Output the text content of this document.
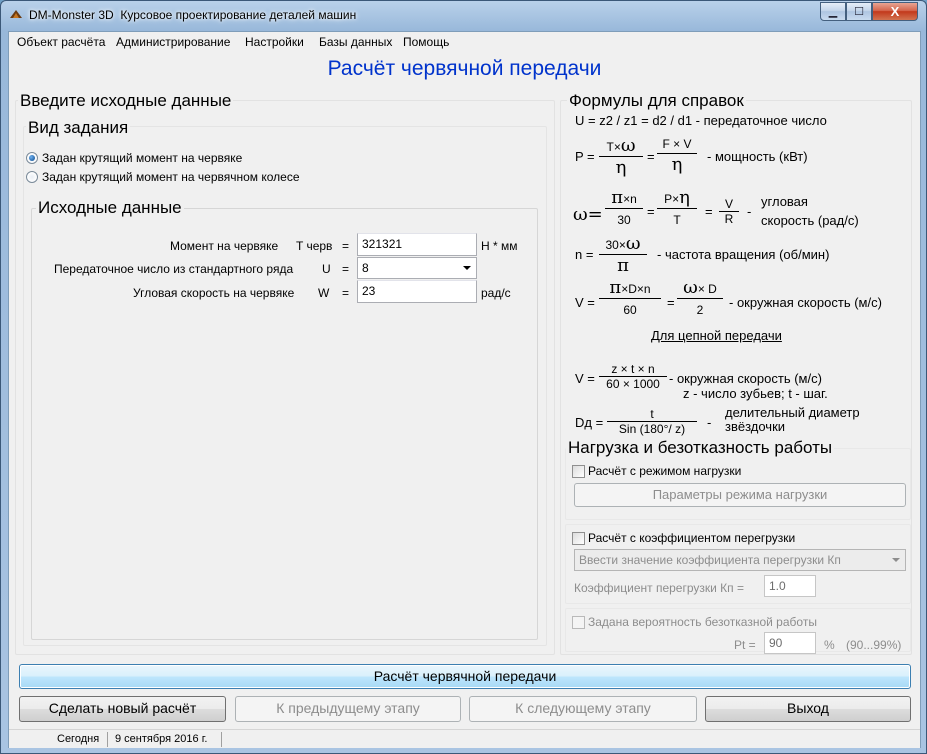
DM-Monster 3D Курсовое проектирование деталей машин	▁ ☐ X
Объект расчёта Администрирование Настройки Базы данных Помощь
Расчёт червячной передачи
Введите исходные данные
Вид задания
Задан крутящий момент на червяке
Задан крутящий момент на червячном колесе
Исходные данные
Момент на червяке T черв =	321321	Н * мм
Передаточное число из стандартного ряда U =	8
Угловая скорость на червяке W =	23	рад/с
Формулы для справок
U = z2 / z1 = d2 / d1 - передаточное число
P =
T×ω
η
=
F × V
η	- мощность (кВт)
$\omega= \frac{\pi\times n}{30} = \frac{P\times\eta}{T} = \frac{V}{R}$ -
угловая
скорость (рад/с)
n =
30×ω
π
- частота вращения (об/мин)
$V = \frac{\pi\times D\times n}{60} = \frac{\omega\times D}{2}$ - окружная скорость (м/с)
Для цепной передачи
$V = \frac{z \times t \times n}{60 \times 1000}$ - окружная скорость (м/с)
z - число зубьев; t - шаг.
Dд =
t
Sin (180°/ z)	-
делительный диаметр
звёздочки
Нагрузка и безотказность работы
Расчёт с режимом нагрузки
Параметры режима нагрузки
Расчёт с коэффициентом перегрузки
Ввести значение коэффициента перегрузки Кп
Коэффициент перегрузки Кп =	1.0
Задана вероятность безотказной работы
Pt =	90	% (90...99%)
Расчёт червячной передачи
Сделать новый расчёт	К предыдущему этапу	К следующему этапу	Выход
Сегодня 9 сентября 2016 г.
